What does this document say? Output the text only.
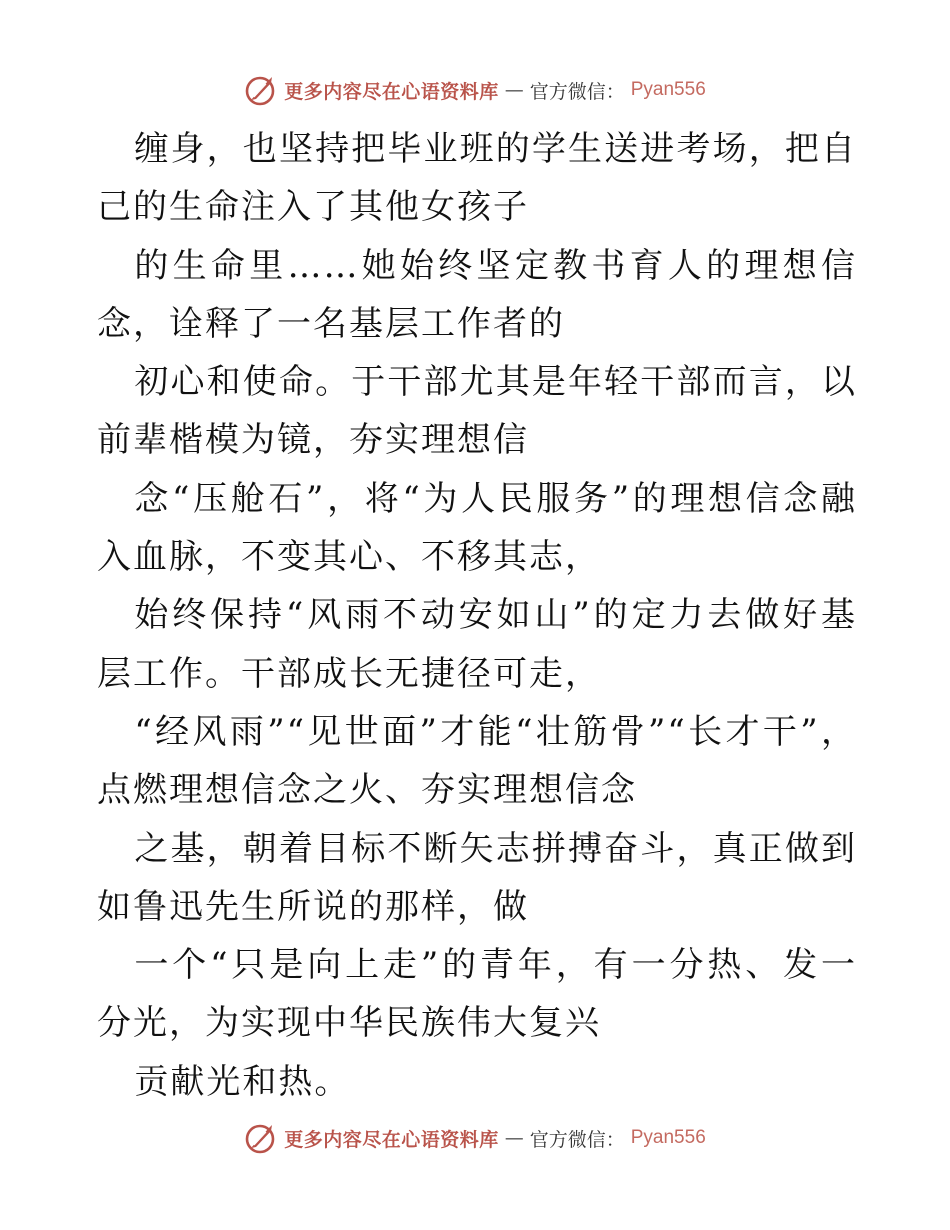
更多内容尽在心语资料库 — 官方微信： Pyan556

缠身，也坚持把毕业班的学生送进考场，把自己的生命注入了其他女孩子

的生命里……她始终坚定教书育人的理想信念，诠释了一名基层工作者的

初心和使命。于干部尤其是年轻干部而言，以前辈楷模为镜，夯实理想信

念“压舱石”，将“为人民服务”的理想信念融入血脉，不变其心、不移其志，

始终保持“风雨不动安如山”的定力去做好基层工作。干部成长无捷径可走，

“经风雨”“见世面”才能“壮筋骨”“长才干”，点燃理想信念之火、夯实理想信念

之基，朝着目标不断矢志拼搏奋斗，真正做到如鲁迅先生所说的那样，做

一个“只是向上走”的青年，有一分热、发一分光，为实现中华民族伟大复兴

贡献光和热。

更多内容尽在心语资料库 — 官方微信： Pyan556
